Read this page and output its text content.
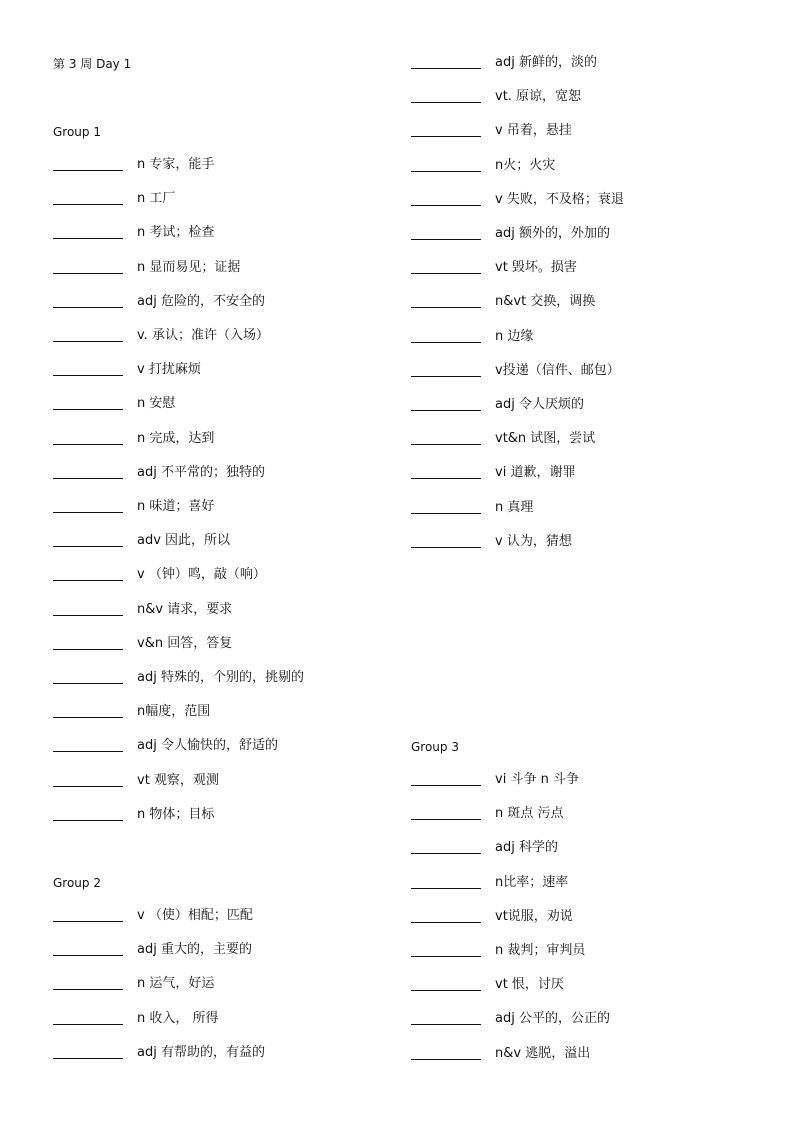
第 3 周 Day 1
Group 1
n 专家，能手
n 工厂
n 考试；检查
n 显而易见；证据
adj 危险的，不安全的
v. 承认；准许（入场）
v 打扰麻烦
n 安慰
n 完成，达到
adj 不平常的；独特的
n 味道；喜好
adv 因此，所以
v （钟）鸣，敲（响）
n&v 请求，要求
v&n 回答，答复
adj 特殊的，个别的，挑剔的
n幅度，范围
adj 令人愉快的，舒适的
vt 观察，观测
n 物体；目标
Group 2
v （使）相配；匹配
adj 重大的，主要的
n 运气，好运
n 收入， 所得
adj 有帮助的，有益的
adj 新鲜的，淡的
vt. 原谅，宽恕
v 吊着，悬挂
n火；火灾
v 失败，不及格；衰退
adj 额外的，外加的
vt 毁坏。损害
n&vt 交换，调换
n 边缘
v投递（信件、邮包）
adj 令人厌烦的
vt&n 试图，尝试
vi 道歉，谢罪
n 真理
v 认为，猜想
Group 3
vi 斗争 n 斗争
n 斑点 污点
adj 科学的
n比率；速率
vt说服，劝说
n 裁判；审判员
vt 恨，讨厌
adj 公平的，公正的
n&v 逃脱，溢出
